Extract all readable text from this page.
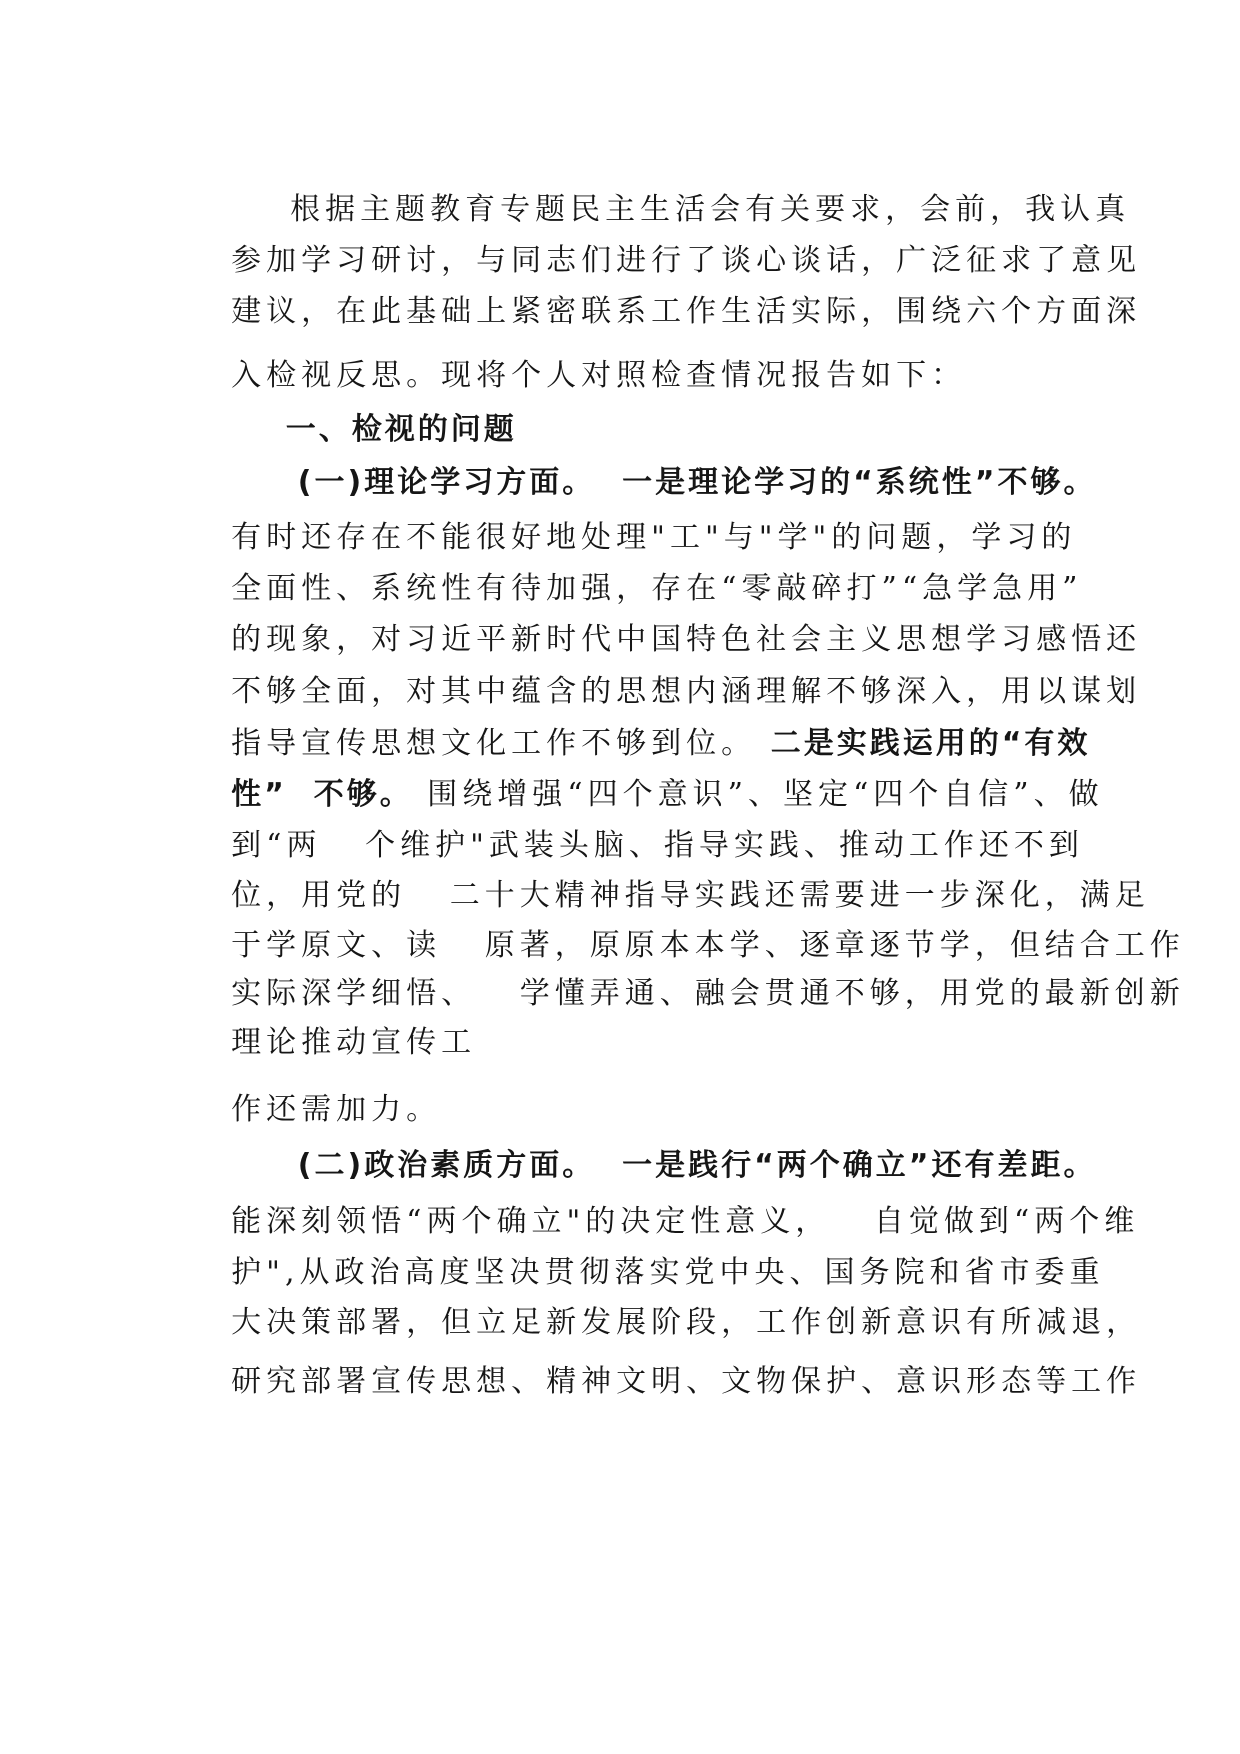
根据主题教育专题民主生活会有关要求，会前，我认真

参加学习研讨，与同志们进行了谈心谈话，广泛征求了意见

建议，在此基础上紧密联系工作生活实际，围绕六个方面深

入检视反思。现将个人对照检查情况报告如下：

一、检视的问题

(一)理论学习方面。  一是理论学习的“系统性”不够。

有时还存在不能很好地处理"工"与"学"的问题，学习的

全面性、系统性有待加强，存在“零敲碎打”“急学急用”

的现象，对习近平新时代中国特色社会主义思想学习感悟还

不够全面，对其中蕴含的思想内涵理解不够深入，用以谋划

指导宣传思想文化工作不够到位。 二是实践运用的“有效

性”  不够。 围绕增强“四个意识”、坚定“四个自信”、做

到“两   个维护"武装头脑、指导实践、推动工作还不到

位，用党的   二十大精神指导实践还需要进一步深化，满足

于学原文、读   原著，原原本本学、逐章逐节学，但结合工作

实际深学细悟、   学懂弄通、融会贯通不够，用党的最新创新

理论推动宣传工

作还需加力。

(二)政治素质方面。  一是践行“两个确立”还有差距。

能深刻领悟“两个确立"的决定性意义，   自觉做到“两个维

护",从政治高度坚决贯彻落实党中央、国务院和省市委重

大决策部署，但立足新发展阶段，工作创新意识有所减退，

研究部署宣传思想、精神文明、文物保护、意识形态等工作
